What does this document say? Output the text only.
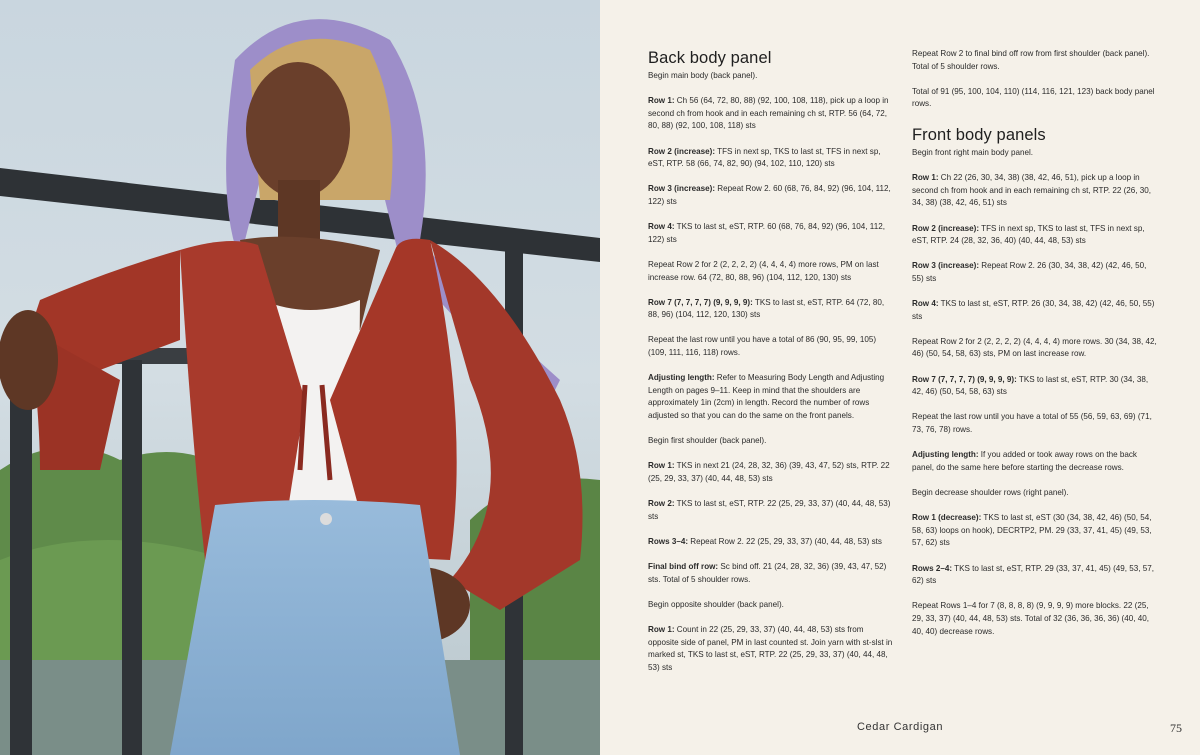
Back body panel
Begin main body (back panel).

Row 1: Ch 56 (64, 72, 80, 88) (92, 100, 108, 118), pick up a loop in second ch from hook and in each remaining ch st, RTP. 56 (64, 72, 80, 88) (92, 100, 108, 118) sts

Row 2 (increase): TFS in next sp, TKS to last st, TFS in next sp, eST, RTP. 58 (66, 74, 82, 90) (94, 102, 110, 120) sts

Row 3 (increase): Repeat Row 2. 60 (68, 76, 84, 92) (96, 104, 112, 122) sts

Row 4: TKS to last st, eST, RTP. 60 (68, 76, 84, 92) (96, 104, 112, 122) sts

Repeat Row 2 for 2 (2, 2, 2, 2) (4, 4, 4, 4) more rows, PM on last increase row. 64 (72, 80, 88, 96) (104, 112, 120, 130) sts

Row 7 (7, 7, 7, 7) (9, 9, 9, 9): TKS to last st, eST, RTP. 64 (72, 80, 88, 96) (104, 112, 120, 130) sts

Repeat the last row until you have a total of 86 (90, 95, 99, 105) (109, 111, 116, 118) rows.

Adjusting length: Refer to Measuring Body Length and Adjusting Length on pages 9–11. Keep in mind that the shoulders are approximately 1in (2cm) in length. Record the number of rows adjusted so that you can do the same on the front panels.

Begin first shoulder (back panel).

Row 1: TKS in next 21 (24, 28, 32, 36) (39, 43, 47, 52) sts, RTP. 22 (25, 29, 33, 37) (40, 44, 48, 53) sts

Row 2: TKS to last st, eST, RTP. 22 (25, 29, 33, 37) (40, 44, 48, 53) sts

Rows 3–4: Repeat Row 2. 22 (25, 29, 33, 37) (40, 44, 48, 53) sts

Final bind off row: Sc bind off. 21 (24, 28, 32, 36) (39, 43, 47, 52) sts. Total of 5 shoulder rows.

Begin opposite shoulder (back panel).

Row 1: Count in 22 (25, 29, 33, 37) (40, 44, 48, 53) sts from opposite side of panel, PM in last counted st. Join yarn with st-slst in marked st, TKS to last st, eST, RTP. 22 (25, 29, 33, 37) (40, 44, 48, 53) sts

Repeat Row 2 to final bind off row from first shoulder (back panel). Total of 5 shoulder rows.

Total of 91 (95, 100, 104, 110) (114, 116, 121, 123) back body panel rows.

Front body panels
Begin front right main body panel.

Row 1: Ch 22 (26, 30, 34, 38) (38, 42, 46, 51), pick up a loop in second ch from hook and in each remaining ch st, RTP. 22 (26, 30, 34, 38) (38, 42, 46, 51) sts

Row 2 (increase): TFS in next sp, TKS to last st, TFS in next sp, eST, RTP. 24 (28, 32, 36, 40) (40, 44, 48, 53) sts

Row 3 (increase): Repeat Row 2. 26 (30, 34, 38, 42) (42, 46, 50, 55) sts

Row 4: TKS to last st, eST, RTP. 26 (30, 34, 38, 42) (42, 46, 50, 55) sts

Repeat Row 2 for 2 (2, 2, 2, 2) (4, 4, 4, 4) more rows. 30 (34, 38, 42, 46) (50, 54, 58, 63) sts, PM on last increase row.

Row 7 (7, 7, 7, 7) (9, 9, 9, 9): TKS to last st, eST, RTP. 30 (34, 38, 42, 46) (50, 54, 58, 63) sts

Repeat the last row until you have a total of 55 (56, 59, 63, 69) (71, 73, 76, 78) rows.

Adjusting length: If you added or took away rows on the back panel, do the same here before starting the decrease rows.

Begin decrease shoulder rows (right panel).

Row 1 (decrease): TKS to last st, eST (30 (34, 38, 42, 46) (50, 54, 58, 63) loops on hook), DECRTP2, PM. 29 (33, 37, 41, 45) (49, 53, 57, 62) sts

Rows 2–4: TKS to last st, eST, RTP. 29 (33, 37, 41, 45) (49, 53, 57, 62) sts

Repeat Rows 1–4 for 7 (8, 8, 8, 8) (9, 9, 9, 9) more blocks. 22 (25, 29, 33, 37) (40, 44, 48, 53) sts. Total of 32 (36, 36, 36, 36) (40, 40, 40, 40) decrease rows.

Cedar Cardigan	75
